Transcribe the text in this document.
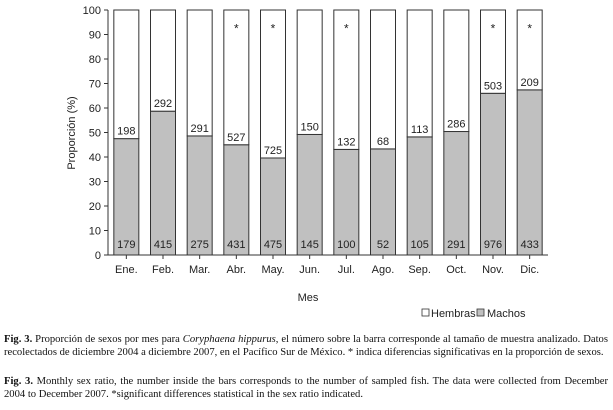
198
179
292
415
291
275
527
431
*
725
475
*
150
145
132
100
*
68
52
113
105
286
291
503
976
*
209
433
*
0
10
20
30
40
50
60
70
80
90
100
Ene. Feb. Mar. Abr. May. Jun. Jul. Ago. Sep. Oct. Nov. Dic.
Proporción (%)
Mes
Hembras Machos
Fig. 3. Proporción de sexos por mes para Coryphaena hippurus, el número sobre la barra corresponde al tamaño de muestra analizado. Datos recolectados de diciembre 2004 a diciembre 2007, en el Pacífico Sur de México. * indica diferencias significativas en la proporción de sexos.
Fig. 3. Monthly sex ratio, the number inside the bars corresponds to the number of sampled fish. The data were collected from December 2004 to December 2007. *significant differences statistical in the sex ratio indicated.
